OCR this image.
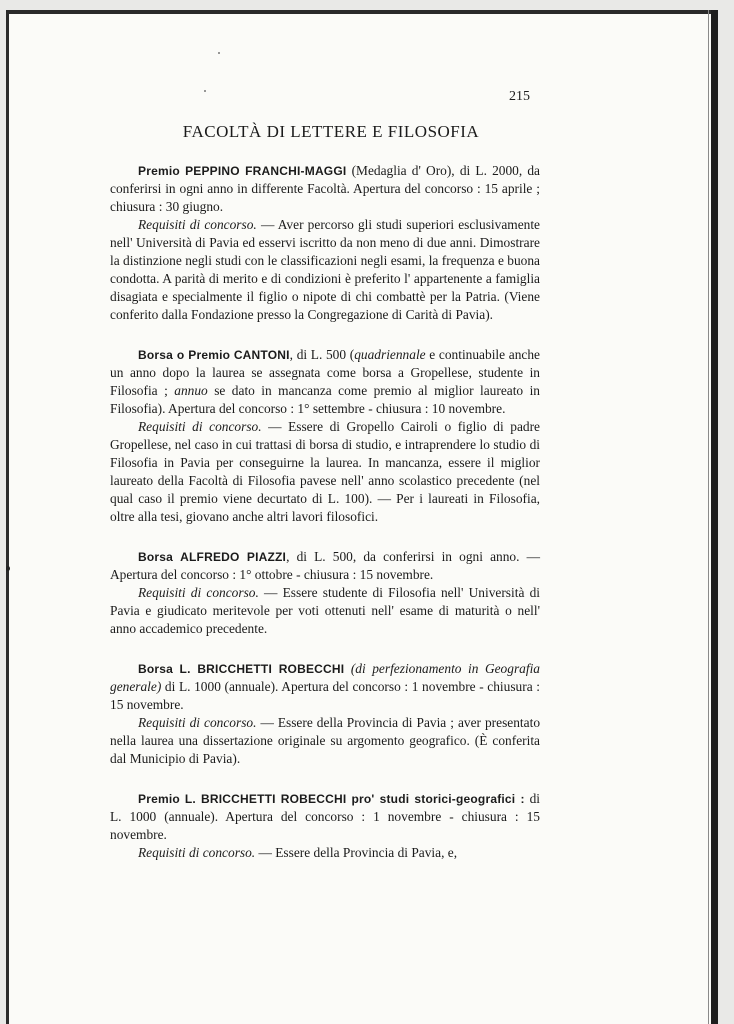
215
FACOLTÀ DI LETTERE E FILOSOFIA

Premio PEPPINO FRANCHI-MAGGI (Medaglia d' Oro), di L. 2000, da conferirsi in ogni anno in differente Facoltà. Apertura del concorso : 15 aprile ; chiusura : 30 giugno.

Requisiti di concorso. — Aver percorso gli studi superiori esclusivamente nell' Università di Pavia ed esservi iscritto da non meno di due anni. Dimostrare la distinzione negli studi con le classificazioni negli esami, la frequenza e buona condotta. A parità di merito e di condizioni è preferito l' appartenente a famiglia disagiata e specialmente il figlio o nipote di chi combattè per la Patria. (Viene conferito dalla Fondazione presso la Congregazione di Carità di Pavia).

Borsa o Premio CANTONI, di L. 500 (quadriennale e continuabile anche un anno dopo la laurea se assegnata come borsa a Gropellese, studente in Filosofia ; annuo se dato in mancanza come premio al miglior laureato in Filosofia). Apertura del concorso : 1° settembre - chiusura : 10 novembre.

Requisiti di concorso. — Essere di Gropello Cairoli o figlio di padre Gropellese, nel caso in cui trattasi di borsa di studio, e intraprendere lo studio di Filosofia in Pavia per conseguirne la laurea. In mancanza, essere il miglior laureato della Facoltà di Filosofia pavese nell' anno scolastico precedente (nel qual caso il premio viene decurtato di L. 100). — Per i laureati in Filosofia, oltre alla tesi, giovano anche altri lavori filosofici.

Borsa ALFREDO PIAZZI, di L. 500, da conferirsi in ogni anno. — Apertura del concorso : 1° ottobre - chiusura : 15 novembre.

Requisiti di concorso. — Essere studente di Filosofia nell' Università di Pavia e giudicato meritevole per voti ottenuti nell' esame di maturità o nell' anno accademico precedente.

Borsa L. BRICCHETTI ROBECCHI (di perfezionamento in Geografia generale) di L. 1000 (annuale). Apertura del concorso : 1 novembre - chiusura : 15 novembre.

Requisiti di concorso. — Essere della Provincia di Pavia ; aver presentato nella laurea una dissertazione originale su argomento geografico. (È conferita dal Municipio di Pavia).

Premio L. BRICCHETTI ROBECCHI pro' studi storici-geografici : di L. 1000 (annuale). Apertura del concorso : 1 novembre - chiusura : 15 novembre.

Requisiti di concorso. — Essere della Provincia di Pavia, e,
